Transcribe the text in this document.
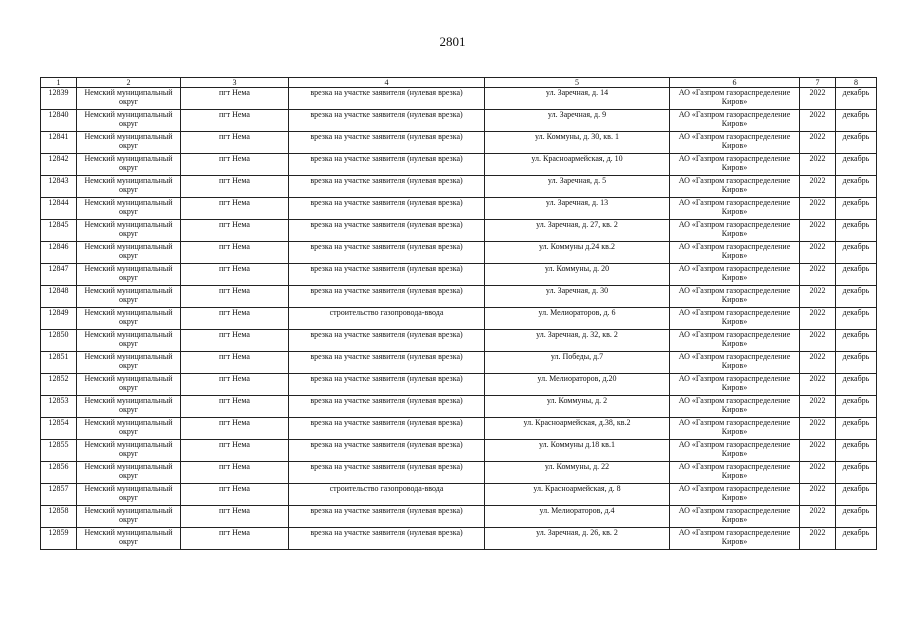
2801
1	2	3	4	5	6	7	8
12839	Немский муниципальный округ	пгт Нема	врезка на участке заявителя (нулевая врезка)	ул. Заречная, д. 14	АО «Газпром газораспределение Киров»	2022	декабрь
12840	Немский муниципальный округ	пгт Нема	врезка на участке заявителя (нулевая врезка)	ул. Заречная, д. 9	АО «Газпром газораспределение Киров»	2022	декабрь
12841	Немский муниципальный округ	пгт Нема	врезка на участке заявителя (нулевая врезка)	ул. Коммуны, д. 30, кв. 1	АО «Газпром газораспределение Киров»	2022	декабрь
12842	Немский муниципальный округ	пгт Нема	врезка на участке заявителя (нулевая врезка)	ул. Красноармейская, д. 10	АО «Газпром газораспределение Киров»	2022	декабрь
12843	Немский муниципальный округ	пгт Нема	врезка на участке заявителя (нулевая врезка)	ул. Заречная, д. 5	АО «Газпром газораспределение Киров»	2022	декабрь
12844	Немский муниципальный округ	пгт Нема	врезка на участке заявителя (нулевая врезка)	ул. Заречная, д. 13	АО «Газпром газораспределение Киров»	2022	декабрь
12845	Немский муниципальный округ	пгт Нема	врезка на участке заявителя (нулевая врезка)	ул. Заречная, д. 27, кв. 2	АО «Газпром газораспределение Киров»	2022	декабрь
12846	Немский муниципальный округ	пгт Нема	врезка на участке заявителя (нулевая врезка)	ул. Коммуны д.24 кв.2	АО «Газпром газораспределение Киров»	2022	декабрь
12847	Немский муниципальный округ	пгт Нема	врезка на участке заявителя (нулевая врезка)	ул. Коммуны, д. 20	АО «Газпром газораспределение Киров»	2022	декабрь
12848	Немский муниципальный округ	пгт Нема	врезка на участке заявителя (нулевая врезка)	ул. Заречная, д. 30	АО «Газпром газораспределение Киров»	2022	декабрь
12849	Немский муниципальный округ	пгт Нема	строительство газопровода-ввода	ул. Мелиораторов, д. 6	АО «Газпром газораспределение Киров»	2022	декабрь
12850	Немский муниципальный округ	пгт Нема	врезка на участке заявителя (нулевая врезка)	ул. Заречная, д. 32, кв. 2	АО «Газпром газораспределение Киров»	2022	декабрь
12851	Немский муниципальный округ	пгт Нема	врезка на участке заявителя (нулевая врезка)	ул. Победы, д.7	АО «Газпром газораспределение Киров»	2022	декабрь
12852	Немский муниципальный округ	пгт Нема	врезка на участке заявителя (нулевая врезка)	ул. Мелиораторов, д.20	АО «Газпром газораспределение Киров»	2022	декабрь
12853	Немский муниципальный округ	пгт Нема	врезка на участке заявителя (нулевая врезка)	ул. Коммуны, д. 2	АО «Газпром газораспределение Киров»	2022	декабрь
12854	Немский муниципальный округ	пгт Нема	врезка на участке заявителя (нулевая врезка)	ул. Красноармейская, д.38, кв.2	АО «Газпром газораспределение Киров»	2022	декабрь
12855	Немский муниципальный округ	пгт Нема	врезка на участке заявителя (нулевая врезка)	ул. Коммуны д.18 кв.1	АО «Газпром газораспределение Киров»	2022	декабрь
12856	Немский муниципальный округ	пгт Нема	врезка на участке заявителя (нулевая врезка)	ул. Коммуны, д. 22	АО «Газпром газораспределение Киров»	2022	декабрь
12857	Немский муниципальный округ	пгт Нема	строительство газопровода-ввода	ул. Красноармейская, д. 8	АО «Газпром газораспределение Киров»	2022	декабрь
12858	Немский муниципальный округ	пгт Нема	врезка на участке заявителя (нулевая врезка)	ул. Мелиораторов, д.4	АО «Газпром газораспределение Киров»	2022	декабрь
12859	Немский муниципальный округ	пгт Нема	врезка на участке заявителя (нулевая врезка)	ул. Заречная, д. 26, кв. 2	АО «Газпром газораспределение Киров»	2022	декабрь
